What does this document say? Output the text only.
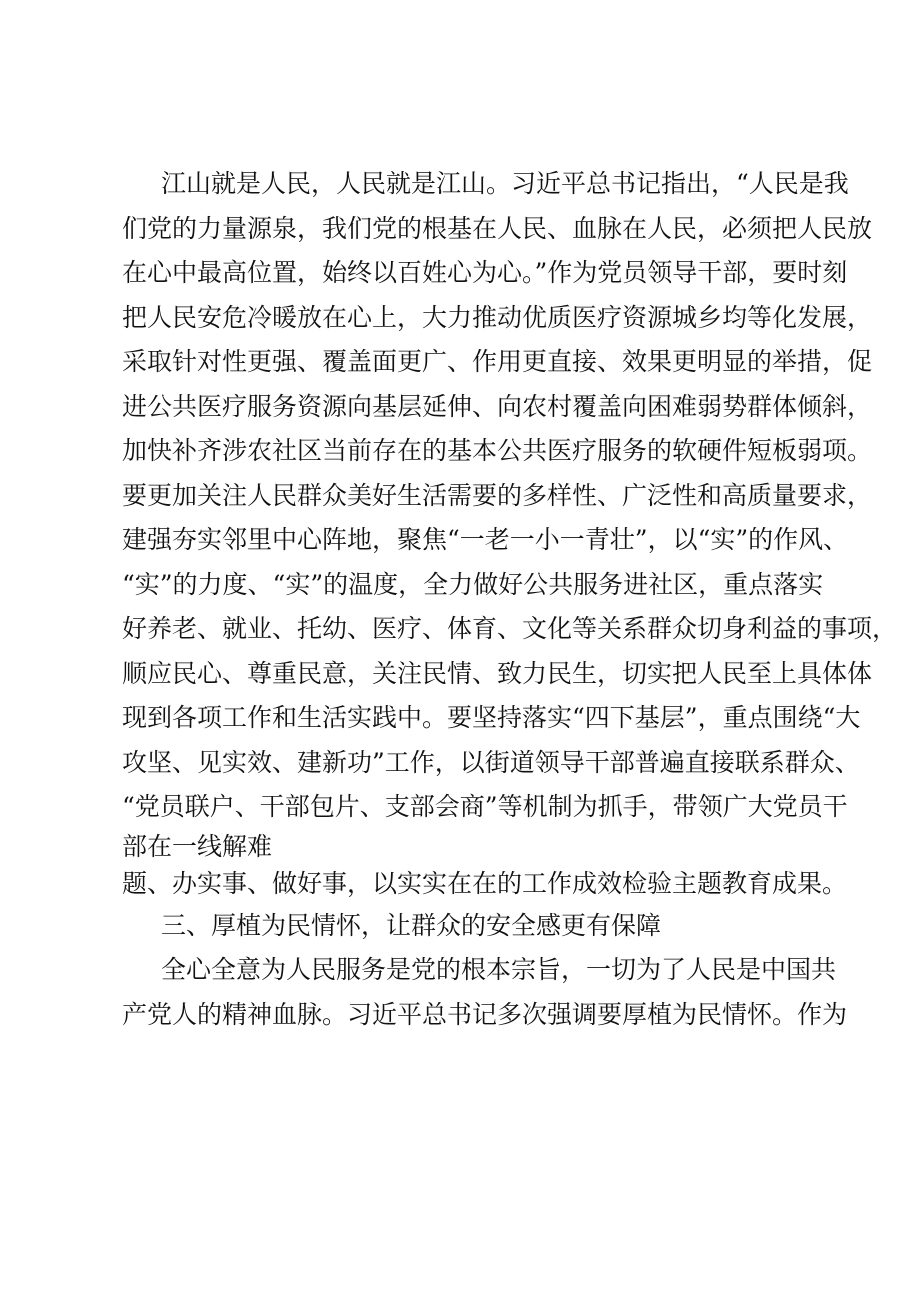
江山就是人民，人民就是江山。习近平总书记指出，“人民是我
们党的力量源泉，我们党的根基在人民、血脉在人民，必须把人民放
在心中最高位置，始终以百姓心为心。”作为党员领导干部，要时刻
把人民安危冷暖放在心上，大力推动优质医疗资源城乡均等化发展，
采取针对性更强、覆盖面更广、作用更直接、效果更明显的举措，促
进公共医疗服务资源向基层延伸、向农村覆盖向困难弱势群体倾斜，
加快补齐涉农社区当前存在的基本公共医疗服务的软硬件短板弱项。
要更加关注人民群众美好生活需要的多样性、广泛性和高质量要求，
建强夯实邻里中心阵地，聚焦“一老一小一青壮”，以“实”的作风、
“实”的力度、“实”的温度，全力做好公共服务进社区，重点落实
好养老、就业、托幼、医疗、体育、文化等关系群众切身利益的事项，
顺应民心、尊重民意，关注民情、致力民生，切实把人民至上具体体
现到各项工作和生活实践中。要坚持落实“四下基层”，重点围绕“大
攻坚、见实效、建新功”工作，以街道领导干部普遍直接联系群众、
“党员联户、干部包片、支部会商”等机制为抓手，带领广大党员干
部在一线解难
题、办实事、做好事，以实实在在的工作成效检验主题教育成果。
三、厚植为民情怀，让群众的安全感更有保障
全心全意为人民服务是党的根本宗旨，一切为了人民是中国共
产党人的精神血脉。习近平总书记多次强调要厚植为民情怀。作为
